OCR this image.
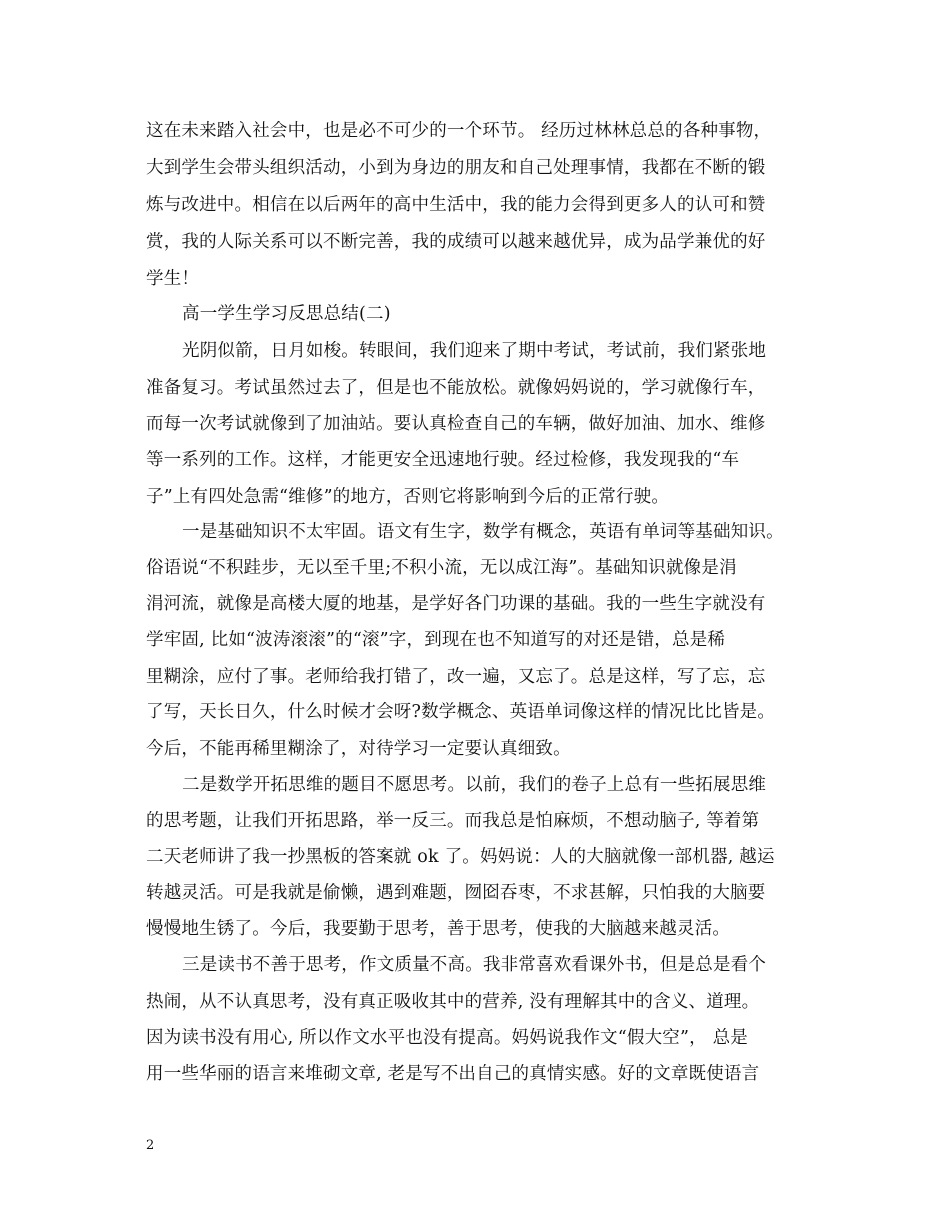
这在未来踏入社会中，也是必不可少的一个环节。 经历过林林总总的各种事物，
大到学生会带头组织活动，小到为身边的朋友和自己处理事情，我都在不断的锻
炼与改进中。相信在以后两年的高中生活中，我的能力会得到更多人的认可和赞
赏，我的人际关系可以不断完善，我的成绩可以越来越优异，成为品学兼优的好
学生！
高一学生学习反思总结(二)
光阴似箭，日月如梭。转眼间，我们迎来了期中考试，考试前，我们紧张地
准备复习。考试虽然过去了，但是也不能放松。就像妈妈说的，学习就像行车，
而每一次考试就像到了加油站。要认真检查自己的车辆，做好加油、加水、维修
等一系列的工作。这样，才能更安全迅速地行驶。经过检修，我发现我的“车
子”上有四处急需“维修”的地方，否则它将影响到今后的正常行驶。
一是基础知识不太牢固。语文有生字，数学有概念，英语有单词等基础知识。
俗语说“不积跬步，无以至千里;不积小流，无以成江海”。基础知识就像是涓
涓河流，就像是高楼大厦的地基，是学好各门功课的基础。我的一些生字就没有
学牢固, 比如“波涛滚滚”的“滚”字，到现在也不知道写的对还是错，总是稀
里糊涂，应付了事。老师给我打错了，改一遍，又忘了。总是这样，写了忘，忘
了写，天长日久，什么时候才会呀?数学概念、英语单词像这样的情况比比皆是。
今后，不能再稀里糊涂了，对待学习一定要认真细致。
二是数学开拓思维的题目不愿思考。以前，我们的卷子上总有一些拓展思维
的思考题，让我们开拓思路，举一反三。而我总是怕麻烦，不想动脑子, 等着第
二天老师讲了我一抄黑板的答案就 ok 了。妈妈说：人的大脑就像一部机器, 越运
转越灵活。可是我就是偷懒，遇到难题，囫囵吞枣，不求甚解，只怕我的大脑要
慢慢地生锈了。今后，我要勤于思考，善于思考，使我的大脑越来越灵活。
三是读书不善于思考，作文质量不高。我非常喜欢看课外书，但是总是看个
热闹，从不认真思考，没有真正吸收其中的营养, 没有理解其中的含义、道理。
因为读书没有用心, 所以作文水平也没有提高。妈妈说我作文“假大空”， 总是
用一些华丽的语言来堆砌文章, 老是写不出自己的真情实感。好的文章既使语言
2
